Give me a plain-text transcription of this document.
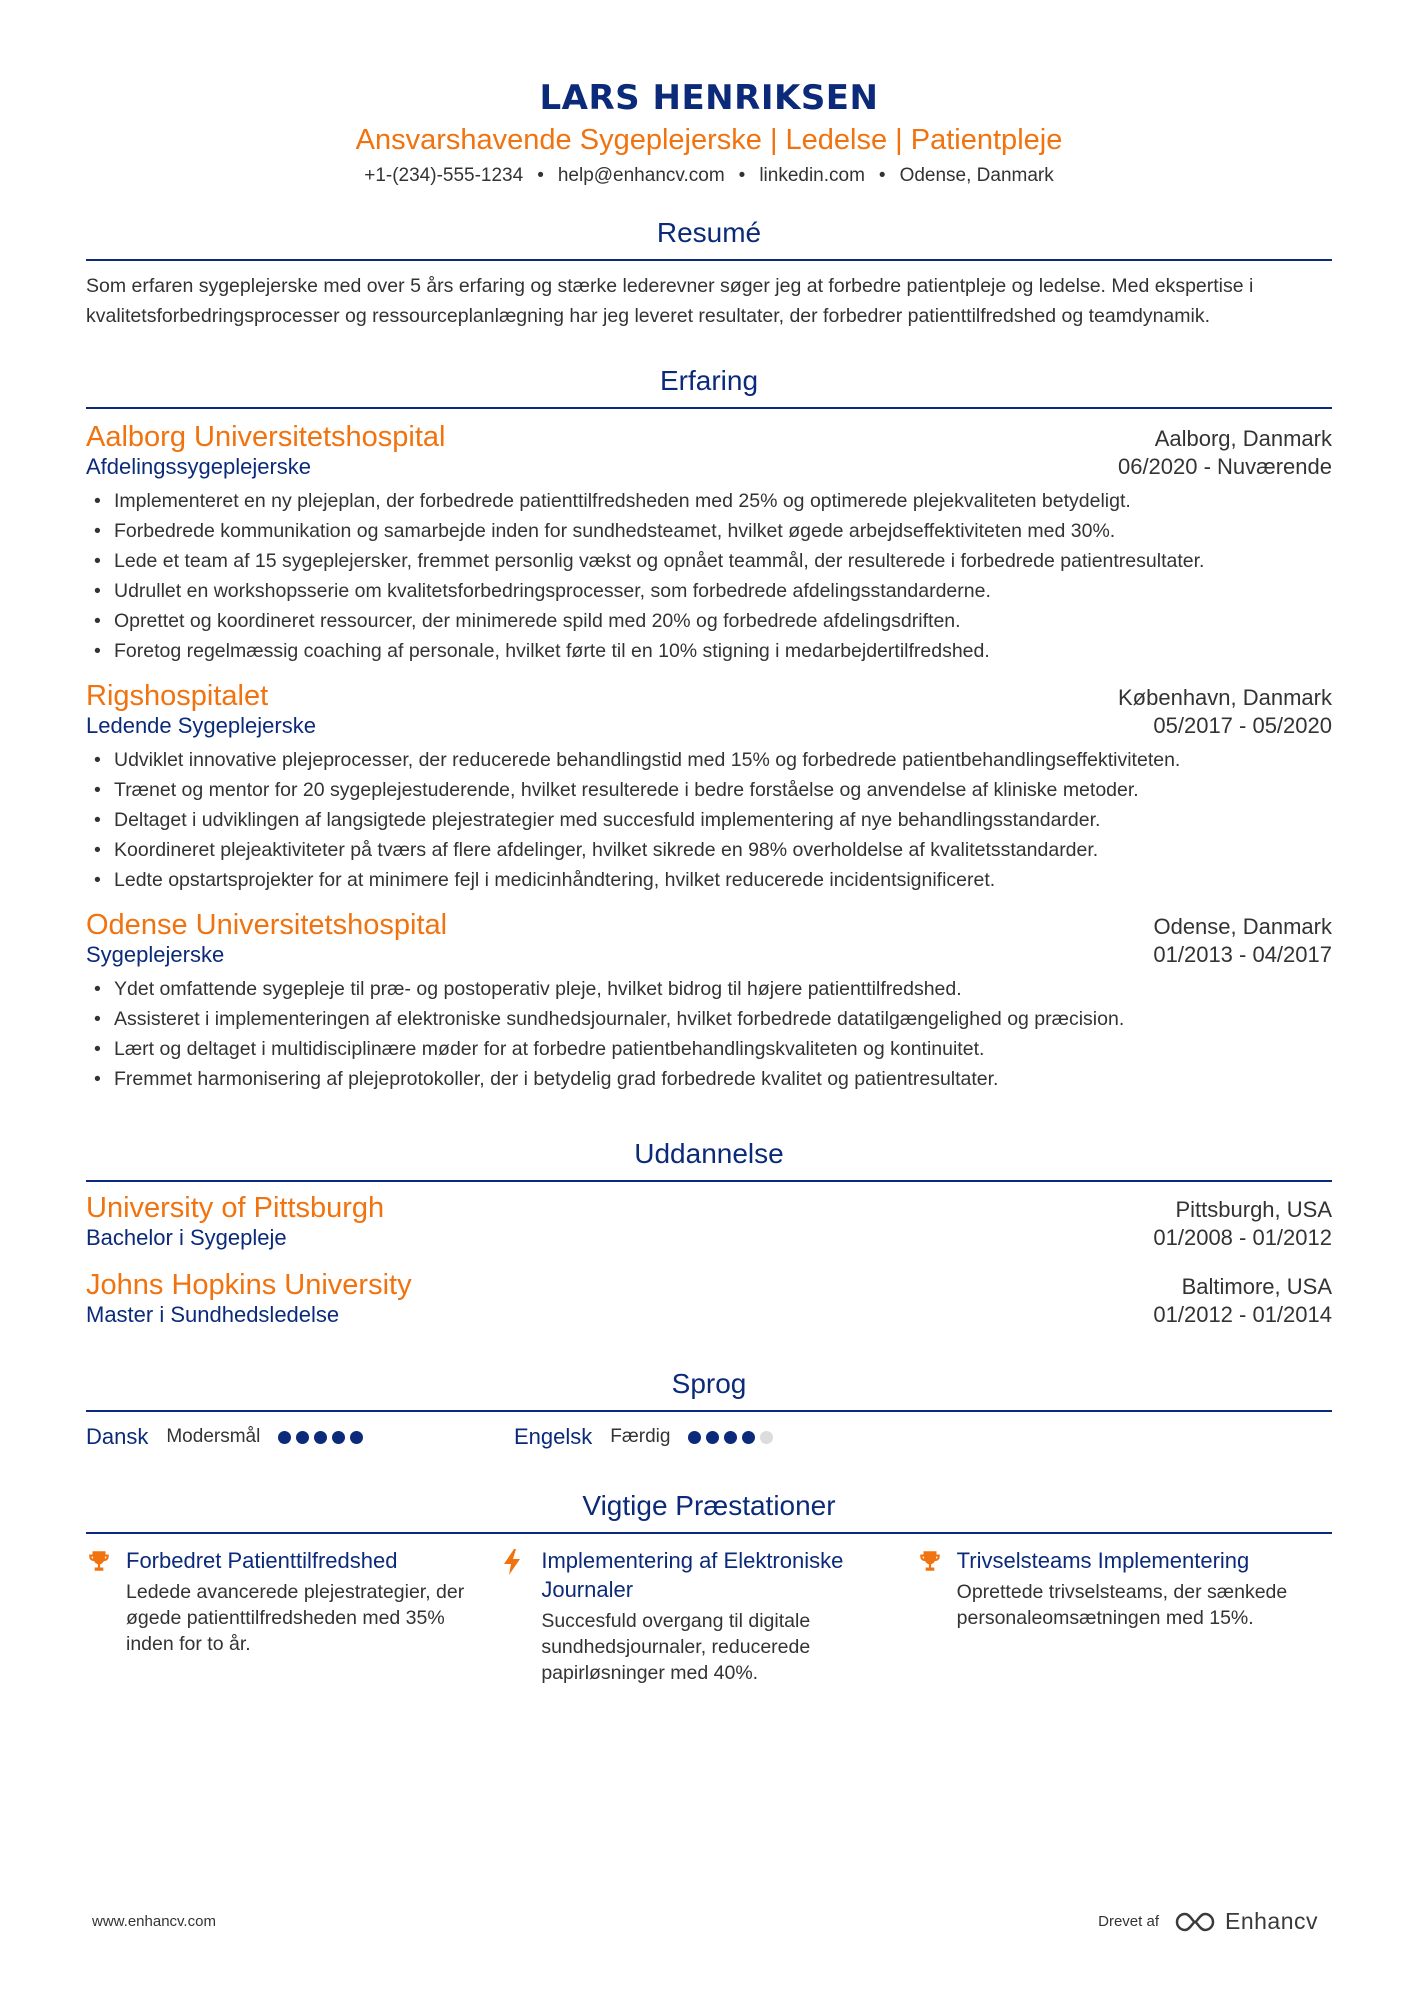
LARS HENRIKSEN
Ansvarshavende Sygeplejerske | Ledelse | Patientpleje
+1-(234)-555-1234 • help@enhancv.com • linkedin.com • Odense, Danmark
Resumé
Som erfaren sygeplejerske med over 5 års erfaring og stærke lederevner søger jeg at forbedre patientpleje og ledelse. Med ekspertise i kvalitetsforbedringsprocesser og ressourceplanlægning har jeg leveret resultater, der forbedrer patienttilfredshed og teamdynamik.
Erfaring
Aalborg Universitetshospital	Aalborg, Danmark
Afdelingssygeplejerske	06/2020 - Nuværende
• Implementeret en ny plejeplan, der forbedrede patienttilfredsheden med 25% og optimerede plejekvaliteten betydeligt.
• Forbedrede kommunikation og samarbejde inden for sundhedsteamet, hvilket øgede arbejdseffektiviteten med 30%.
• Lede et team af 15 sygeplejersker, fremmet personlig vækst og opnået teammål, der resulterede i forbedrede patientresultater.
• Udrullet en workshopsserie om kvalitetsforbedringsprocesser, som forbedrede afdelingsstandarderne.
• Oprettet og koordineret ressourcer, der minimerede spild med 20% og forbedrede afdelingsdriften.
• Foretog regelmæssig coaching af personale, hvilket førte til en 10% stigning i medarbejdertilfredshed.
Rigshospitalet	København, Danmark
Ledende Sygeplejerske	05/2017 - 05/2020
• Udviklet innovative plejeprocesser, der reducerede behandlingstid med 15% og forbedrede patientbehandlingseffektiviteten.
• Trænet og mentor for 20 sygeplejestuderende, hvilket resulterede i bedre forståelse og anvendelse af kliniske metoder.
• Deltaget i udviklingen af langsigtede plejestrategier med succesfuld implementering af nye behandlingsstandarder.
• Koordineret plejeaktiviteter på tværs af flere afdelinger, hvilket sikrede en 98% overholdelse af kvalitetsstandarder.
• Ledte opstartsprojekter for at minimere fejl i medicinhåndtering, hvilket reducerede incidentsignificeret.
Odense Universitetshospital	Odense, Danmark
Sygeplejerske	01/2013 - 04/2017
• Ydet omfattende sygepleje til præ- og postoperativ pleje, hvilket bidrog til højere patienttilfredshed.
• Assisteret i implementeringen af elektroniske sundhedsjournaler, hvilket forbedrede datatilgængelighed og præcision.
• Lært og deltaget i multidisciplinære møder for at forbedre patientbehandlingskvaliteten og kontinuitet.
• Fremmet harmonisering af plejeprotokoller, der i betydelig grad forbedrede kvalitet og patientresultater.
Uddannelse
University of Pittsburgh	Pittsburgh, USA
Bachelor i Sygepleje	01/2008 - 01/2012
Johns Hopkins University	Baltimore, USA
Master i Sundhedsledelse	01/2012 - 01/2014
Sprog
Dansk Modersmål	Engelsk Færdig
Vigtige Præstationer
Forbedret Patienttilfredshed
Ledede avancerede plejestrategier, der øgede patienttilfredsheden med 35% inden for to år.
Implementering af Elektroniske Journaler
Succesfuld overgang til digitale sundhedsjournaler, reducerede papirløsninger med 40%.
Trivselsteams Implementering
Oprettede trivselsteams, der sænkede personaleomsætningen med 15%.
www.enhancv.com	Drevet af	Enhancv
